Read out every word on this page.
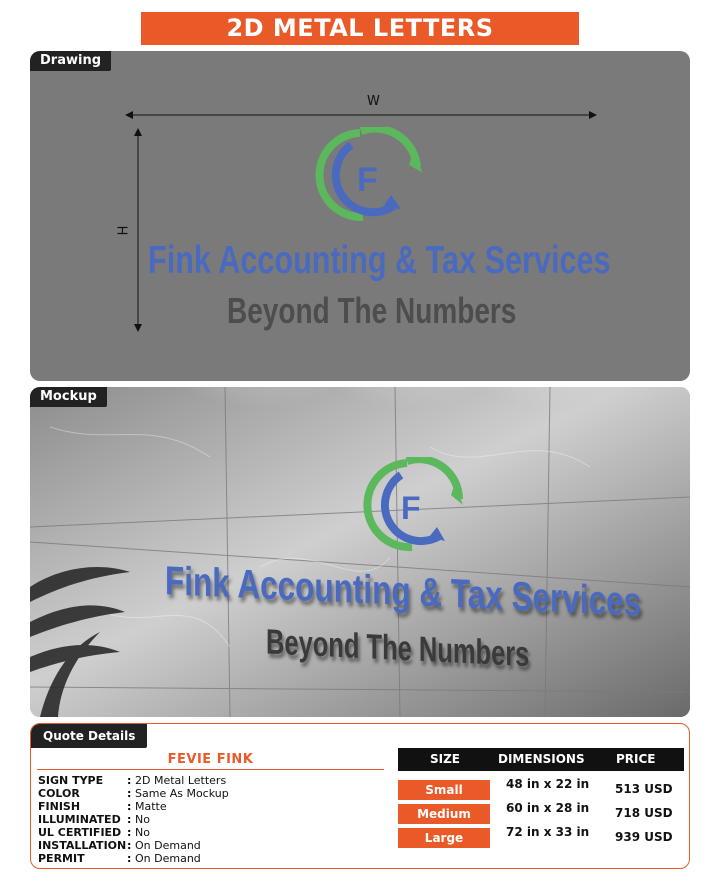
2D METAL LETTERS
Drawing
W
H
F
Fink Accounting & Tax Services
Beyond The Numbers
Mockup
F
Fink Accounting & Tax Services
Beyond The Numbers
Quote Details
FEVIE FINK
SIGN TYPE	: 2D Metal Letters
COLOR	: Same As Mockup
FINISH	: Matte
ILLUMINATED : No
UL CERTIFIED : No
INSTALLATION : On Demand
PERMIT	: On Demand
SIZE	DIMENSIONS	PRICE
Small	48 in x 22 in 513 USD
Medium	60 in x 28 in 718 USD
Large	72 in x 33 in 939 USD
